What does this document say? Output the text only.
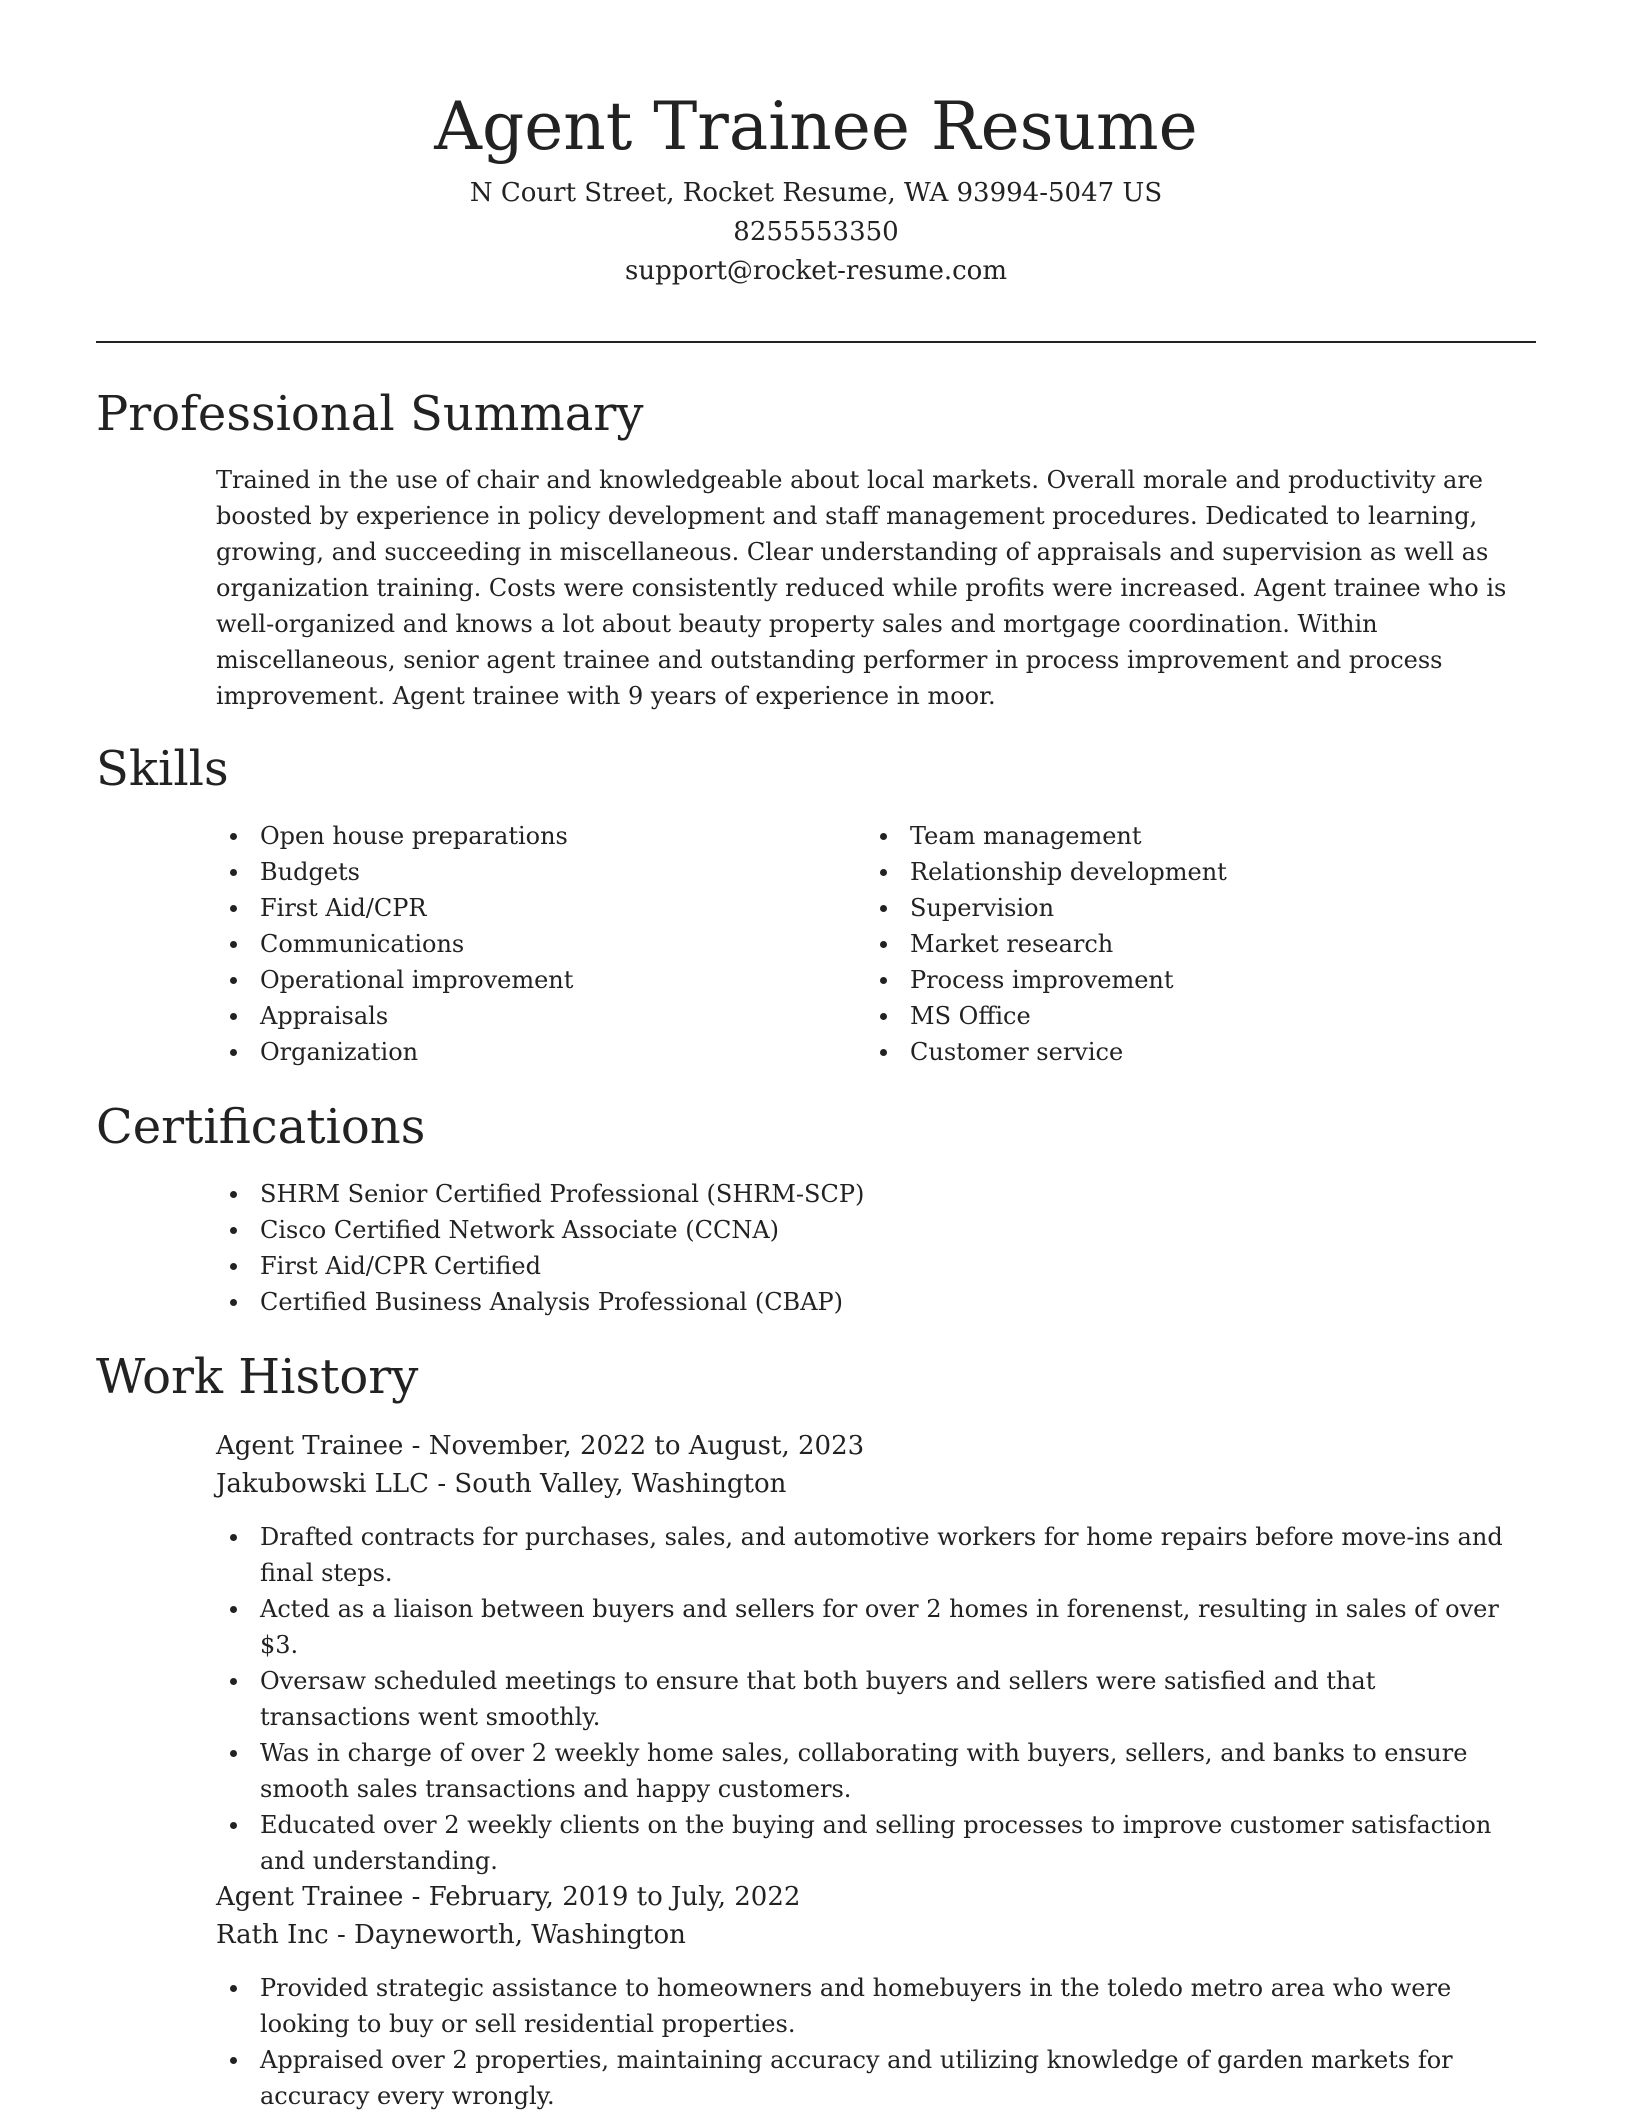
Agent Trainee Resume

N Court Street, Rocket Resume, WA 93994-5047 US

8255553350

support@rocket-resume.com

Professional Summary

Trained in the use of chair and knowledgeable about local markets. Overall morale and productivity are boosted by experience in policy development and staff management procedures. Dedicated to learning, growing, and succeeding in miscellaneous. Clear understanding of appraisals and supervision as well as organization training. Costs were consistently reduced while profits were increased. Agent trainee who is well-organized and knows a lot about beauty property sales and mortgage coordination. Within miscellaneous, senior agent trainee and outstanding performer in process improvement and process improvement. Agent trainee with 9 years of experience in moor.

Skills
Open house preparations
Budgets
First Aid/CPR
Communications
Operational improvement
Appraisals
Organization
Team management
Relationship development
Supervision
Market research
Process improvement
MS Office
Customer service
Certifications
SHRM Senior Certified Professional (SHRM-SCP)
Cisco Certified Network Associate (CCNA)
First Aid/CPR Certified
Certified Business Analysis Professional (CBAP)
Work History

Agent Trainee - November, 2022 to August, 2023

Jakubowski LLC - South Valley, Washington

Drafted contracts for purchases, sales, and automotive workers for home repairs before move-ins and final steps.
Acted as a liaison between buyers and sellers for over 2 homes in forenenst, resulting in sales of over $3.
Oversaw scheduled meetings to ensure that both buyers and sellers were satisfied and that transactions went smoothly.
Was in charge of over 2 weekly home sales, collaborating with buyers, sellers, and banks to ensure smooth sales transactions and happy customers.
Educated over 2 weekly clients on the buying and selling processes to improve customer satisfaction and understanding.

Agent Trainee - February, 2019 to July, 2022

Rath Inc - Dayneworth, Washington

Provided strategic assistance to homeowners and homebuyers in the toledo metro area who were looking to buy or sell residential properties.
Appraised over 2 properties, maintaining accuracy and utilizing knowledge of garden markets for accuracy every wrongly.
